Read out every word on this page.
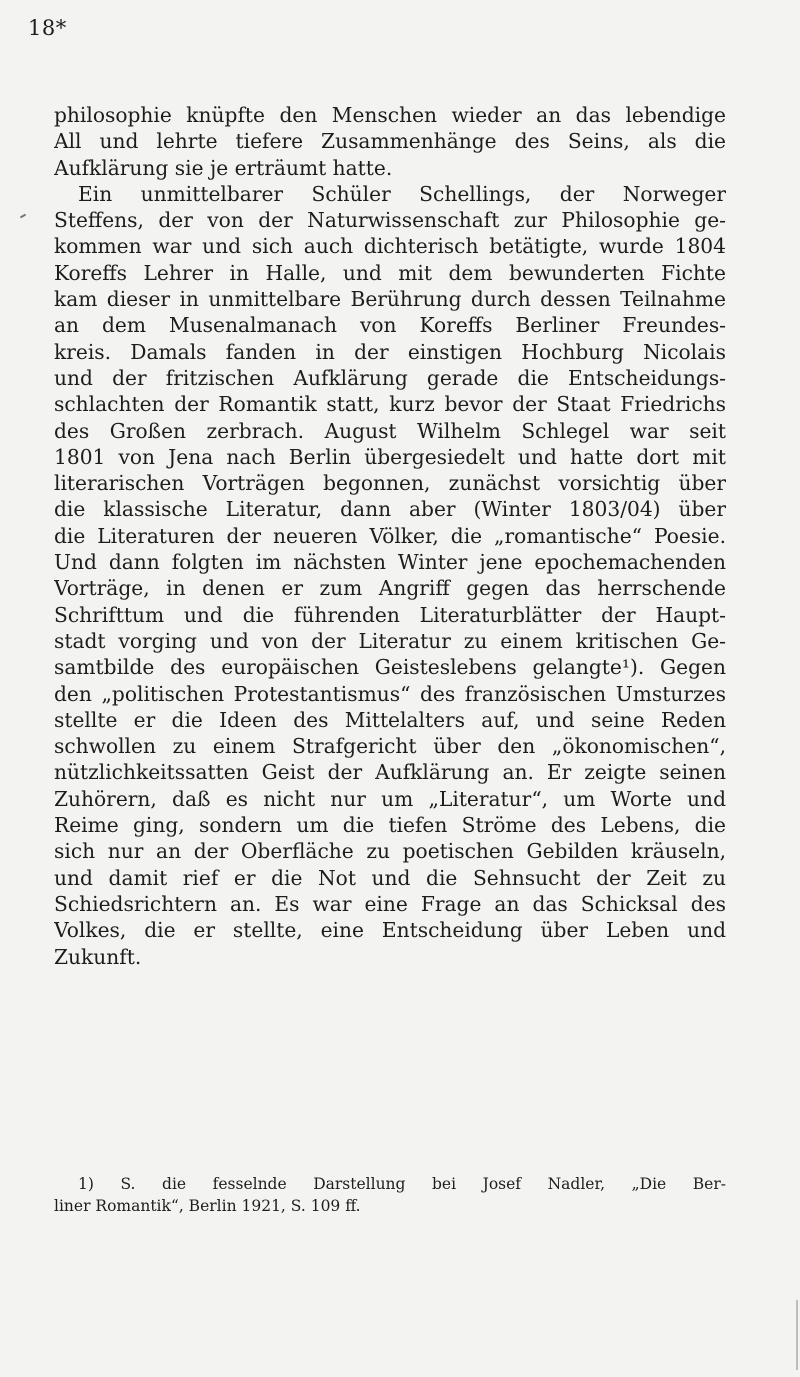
18*
philosophie knüpfte den Menschen wieder an das lebendige
All und lehrte tiefere Zusammenhänge des Seins, als die
Aufklärung sie je erträumt hatte.
Ein unmittelbarer Schüler Schellings, der Norweger
Steffens, der von der Naturwissenschaft zur Philosophie ge-
kommen war und sich auch dichterisch betätigte, wurde 1804
Koreffs Lehrer in Halle, und mit dem bewunderten Fichte
kam dieser in unmittelbare Berührung durch dessen Teilnahme
an dem Musenalmanach von Koreffs Berliner Freundes-
kreis. Damals fanden in der einstigen Hochburg Nicolais
und der fritzischen Aufklärung gerade die Entscheidungs-
schlachten der Romantik statt, kurz bevor der Staat Friedrichs
des Großen zerbrach. August Wilhelm Schlegel war seit
1801 von Jena nach Berlin übergesiedelt und hatte dort mit
literarischen Vorträgen begonnen, zunächst vorsichtig über
die klassische Literatur, dann aber (Winter 1803/04) über
die Literaturen der neueren Völker, die „romantische“ Poesie.
Und dann folgten im nächsten Winter jene epochemachenden
Vorträge, in denen er zum Angriff gegen das herrschende
Schrifttum und die führenden Literaturblätter der Haupt-
stadt vorging und von der Literatur zu einem kritischen Ge-
samtbilde des europäischen Geisteslebens gelangte¹). Gegen
den „politischen Protestantismus“ des französischen Umsturzes
stellte er die Ideen des Mittelalters auf, und seine Reden
schwollen zu einem Strafgericht über den „ökonomischen“,
nützlichkeitssatten Geist der Aufklärung an. Er zeigte seinen
Zuhörern, daß es nicht nur um „Literatur“, um Worte und
Reime ging, sondern um die tiefen Ströme des Lebens, die
sich nur an der Oberfläche zu poetischen Gebilden kräuseln,
und damit rief er die Not und die Sehnsucht der Zeit zu
Schiedsrichtern an. Es war eine Frage an das Schicksal des
Volkes, die er stellte, eine Entscheidung über Leben und
Zukunft.
1) S. die fesselnde Darstellung bei Josef Nadler, „Die Ber-
liner Romantik“, Berlin 1921, S. 109 ff.
